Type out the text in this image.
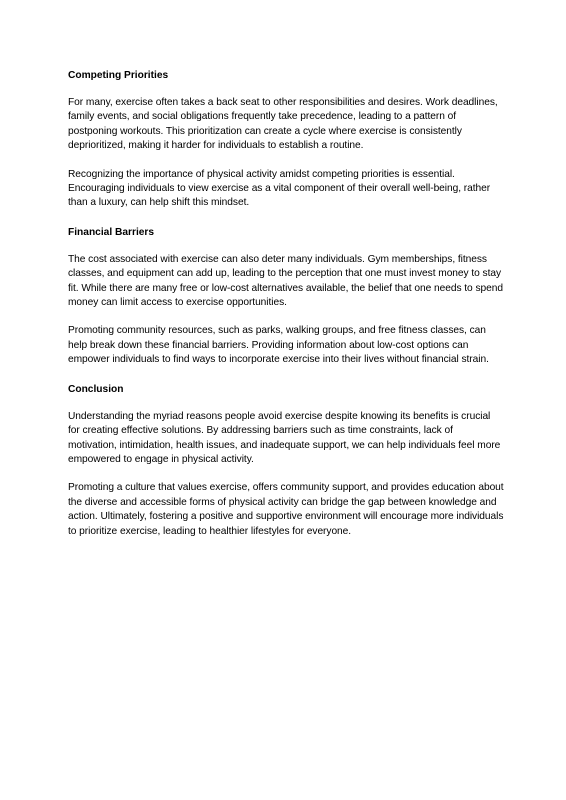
Competing Priorities

For many, exercise often takes a back seat to other responsibilities and desires. Work deadlines, family events, and social obligations frequently take precedence, leading to a pattern of postponing workouts. This prioritization can create a cycle where exercise is consistently deprioritized, making it harder for individuals to establish a routine.

Recognizing the importance of physical activity amidst competing priorities is essential. Encouraging individuals to view exercise as a vital component of their overall well-being, rather than a luxury, can help shift this mindset.

Financial Barriers

The cost associated with exercise can also deter many individuals. Gym memberships, fitness classes, and equipment can add up, leading to the perception that one must invest money to stay fit. While there are many free or low-cost alternatives available, the belief that one needs to spend money can limit access to exercise opportunities.

Promoting community resources, such as parks, walking groups, and free fitness classes, can help break down these financial barriers. Providing information about low-cost options can empower individuals to find ways to incorporate exercise into their lives without financial strain.

Conclusion

Understanding the myriad reasons people avoid exercise despite knowing its benefits is crucial for creating effective solutions. By addressing barriers such as time constraints, lack of motivation, intimidation, health issues, and inadequate support, we can help individuals feel more empowered to engage in physical activity.

Promoting a culture that values exercise, offers community support, and provides education about the diverse and accessible forms of physical activity can bridge the gap between knowledge and action. Ultimately, fostering a positive and supportive environment will encourage more individuals to prioritize exercise, leading to healthier lifestyles for everyone.
